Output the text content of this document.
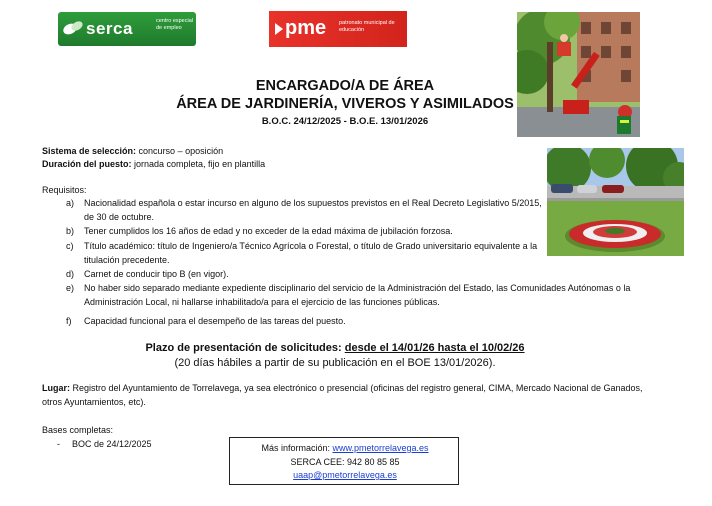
serca	centro especial de empleo	pme patronato municipal de educación
ENCARGADO/A DE ÁREA
ÁREA DE JARDINERÍA, VIVEROS Y ASIMILADOS
B.O.C. 24/12/2025 - B.O.E. 13/01/2026
Sistema de selección: concurso – oposición
Duración del puesto: jornada completa, fijo en plantilla
Requisitos:
a)	Nacionalidad española o estar incurso en alguno de los supuestos previstos en el Real Decreto Legislativo 5/2015, de 30 de octubre.
b)	Tener cumplidos los 16 años de edad y no exceder de la edad máxima de jubilación forzosa.
c)	Título académico: título de Ingeniero/a Técnico Agrícola o Forestal, o título de Grado universitario equivalente a la titulación precedente.
d)	Carnet de conducir tipo B (en vigor).
e)	No haber sido separado mediante expediente disciplinario del servicio de la Administración del Estado, las Comunidades Autónomas o la Administración Local, ni hallarse inhabilitado/a para el ejercicio de las funciones públicas.
f)	Capacidad funcional para el desempeño de las tareas del puesto.
Plazo de presentación de solicitudes: desde el 14/01/26 hasta el 10/02/26
(20 días hábiles a partir de su publicación en el BOE 13/01/2026).
Lugar: Registro del Ayuntamiento de Torrelavega, ya sea electrónico o presencial (oficinas del registro general, CIMA, Mercado Nacional de Ganados,
otros Ayuntamientos, etc).
Bases completas:
- BOC de 24/12/2025	Más información: www.pmetorrelavega.es
SERCA CEE: 942 80 85 85
uaap@pmetorrelavega.es
